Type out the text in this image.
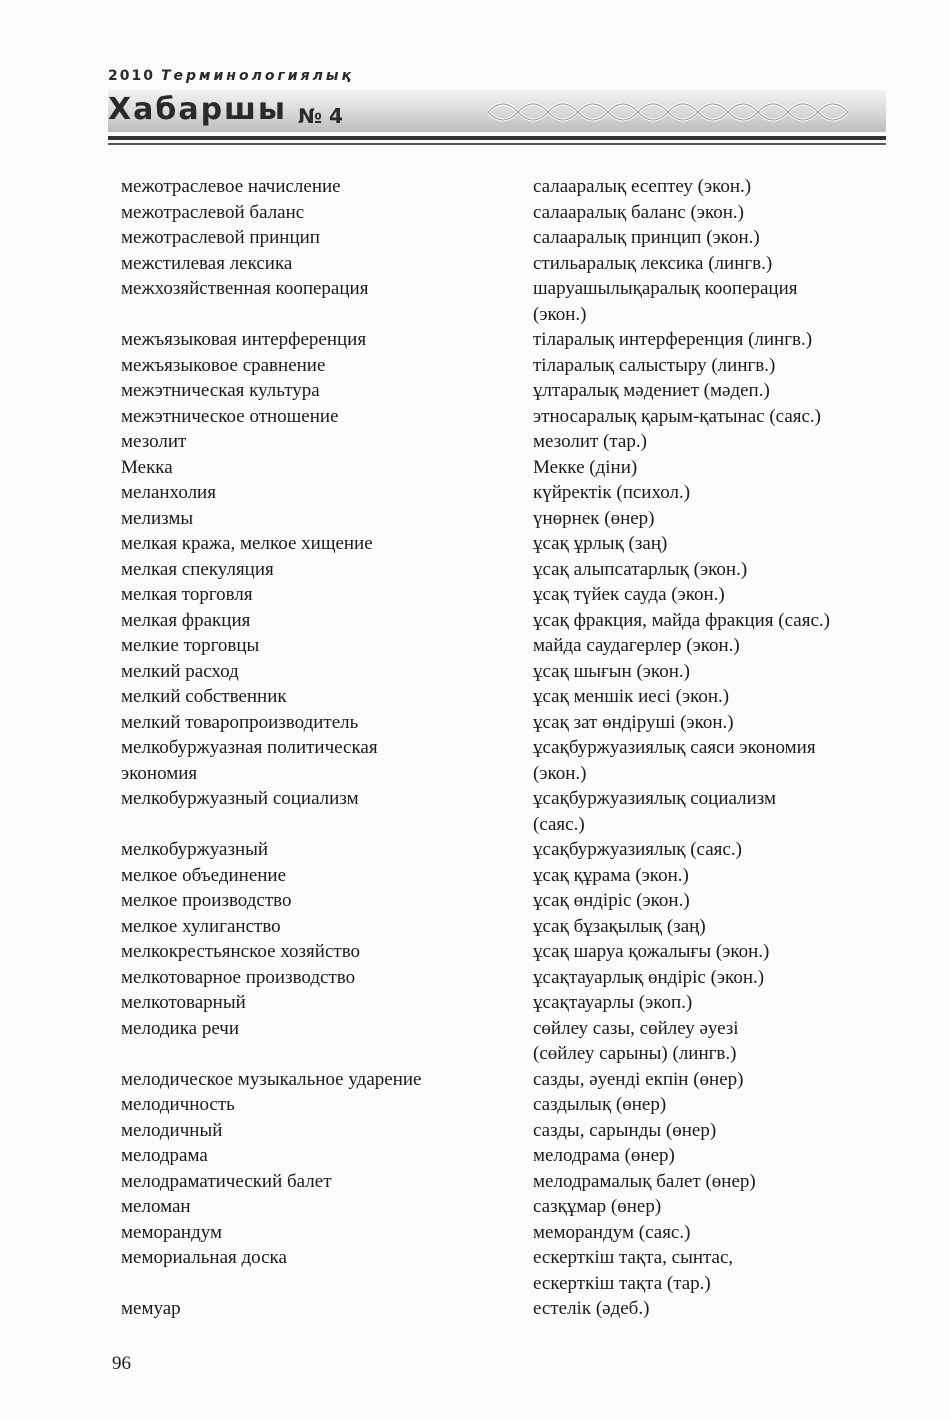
2010 Терминологиялық
Хабаршы № 4
межотраслевое начисление	салааралық есептеу (экон.)
межотраслевой баланс	салааралық баланс (экон.)
межотраслевой принцип	салааралық принцип (экон.)
межстилевая лексика	стильаралық лексика (лингв.)
межхозяйственная кооперация	шаруашылықаралық кооперация
(экон.)
межъязыковая интерференция	тіларалық интерференция (лингв.)
межъязыковое сравнение	тіларалық салыстыру (лингв.)
межэтническая культура	ұлтаралық мәдениет (мәдеп.)
межэтническое отношение	этносаралық қарым-қатынас (саяс.)
мезолит	мезолит (тар.)
Мекка	Мекке (діни)
меланхолия	күйректік (психол.)
мелизмы	үнөрнек (өнер)
мелкая кража, мелкое хищение	ұсақ ұрлық (заң)
мелкая спекуляция	ұсақ алыпсатарлық (экон.)
мелкая торговля	ұсақ түйек сауда (экон.)
мелкая фракция	ұсақ фракция, майда фракция (саяс.)
мелкие торговцы	майда саудагерлер (экон.)
мелкий расход	ұсақ шығын (экон.)
мелкий собственник	ұсақ меншік иесі (экон.)
мелкий товаропроизводитель	ұсақ зат өндіруші (экон.)
мелкобуржуазная политическая	ұсақбуржуазиялық саяси экономия
экономия	(экон.)
мелкобуржуазный социализм	ұсақбуржуазиялық социализм
(саяс.)
мелкобуржуазный	ұсақбуржуазиялық (саяс.)
мелкое объединение	ұсақ құрама (экон.)
мелкое производство	ұсақ өндіріс (экон.)
мелкое хулиганство	ұсақ бұзақылық (заң)
мелкокрестьянское хозяйство	ұсақ шаруа қожалығы (экон.)
мелкотоварное производство	ұсақтауарлық өндіріс (экон.)
мелкотоварный	ұсақтауарлы (экоп.)
мелодика речи	сөйлеу сазы, сөйлеу әуезі
(сөйлеу сарыны) (лингв.)
мелодическое музыкальное ударение	сазды, әуенді екпін (өнер)
мелодичность	саздылық (өнер)
мелодичный	сазды, сарынды (өнер)
мелодрама	мелодрама (өнер)
мелодраматический балет	мелодрамалық балет (өнер)
меломан	сазқұмар (өнер)
меморандум	меморандум (саяс.)
мемориальная доска	ескерткіш тақта, сынтас,
ескерткіш тақта (тар.)
мемуар	естелік (әдеб.)
96
